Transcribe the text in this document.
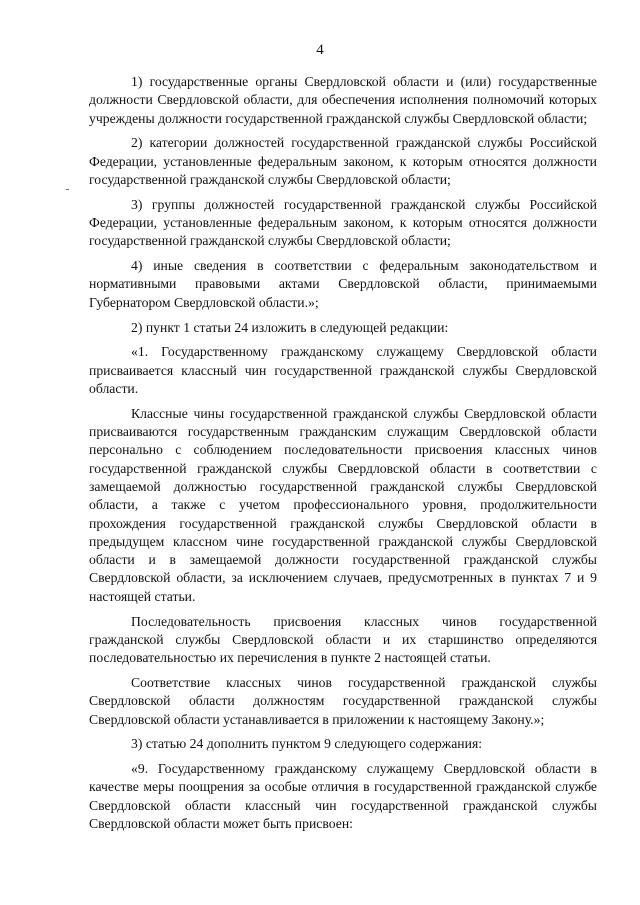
4

1) государственные органы Свердловской области и (или) государственные должности Свердловской области, для обеспечения исполнения полномочий которых учреждены должности государственной гражданской службы Свердловской области;

2) категории должностей государственной гражданской службы Российской Федерации, установленные федеральным законом, к которым относятся должности государственной гражданской службы Свердловской области;

3) группы должностей государственной гражданской службы Российской Федерации, установленные федеральным законом, к которым относятся должности государственной гражданской службы Свердловской области;

4) иные сведения в соответствии с федеральным законодательством и нормативными правовыми актами Свердловской области, принимаемыми Губернатором Свердловской области.»;

2) пункт 1 статьи 24 изложить в следующей редакции:

«1. Государственному гражданскому служащему Свердловской области присваивается классный чин государственной гражданской службы Свердловской области.

Классные чины государственной гражданской службы Свердловской области присваиваются государственным гражданским служащим Свердловской области персонально с соблюдением последовательности присвоения классных чинов государственной гражданской службы Свердловской области в соответствии с замещаемой должностью государственной гражданской службы Свердловской области, а также с учетом профессионального уровня, продолжительности прохождения государственной гражданской службы Свердловской области в предыдущем классном чине государственной гражданской службы Свердловской области и в замещаемой должности государственной гражданской службы Свердловской области, за исключением случаев, предусмотренных в пунктах 7 и 9 настоящей статьи.

Последовательность присвоения классных чинов государственной гражданской службы Свердловской области и их старшинство определяются последовательностью их перечисления в пункте 2 настоящей статьи.

Соответствие классных чинов государственной гражданской службы Свердловской области должностям государственной гражданской службы Свердловской области устанавливается в приложении к настоящему Закону.»;

3) статью 24 дополнить пунктом 9 следующего содержания:

«9. Государственному гражданскому служащему Свердловской области в качестве меры поощрения за особые отличия в государственной гражданской службе Свердловской области классный чин государственной гражданской службы Свердловской области может быть присвоен:
